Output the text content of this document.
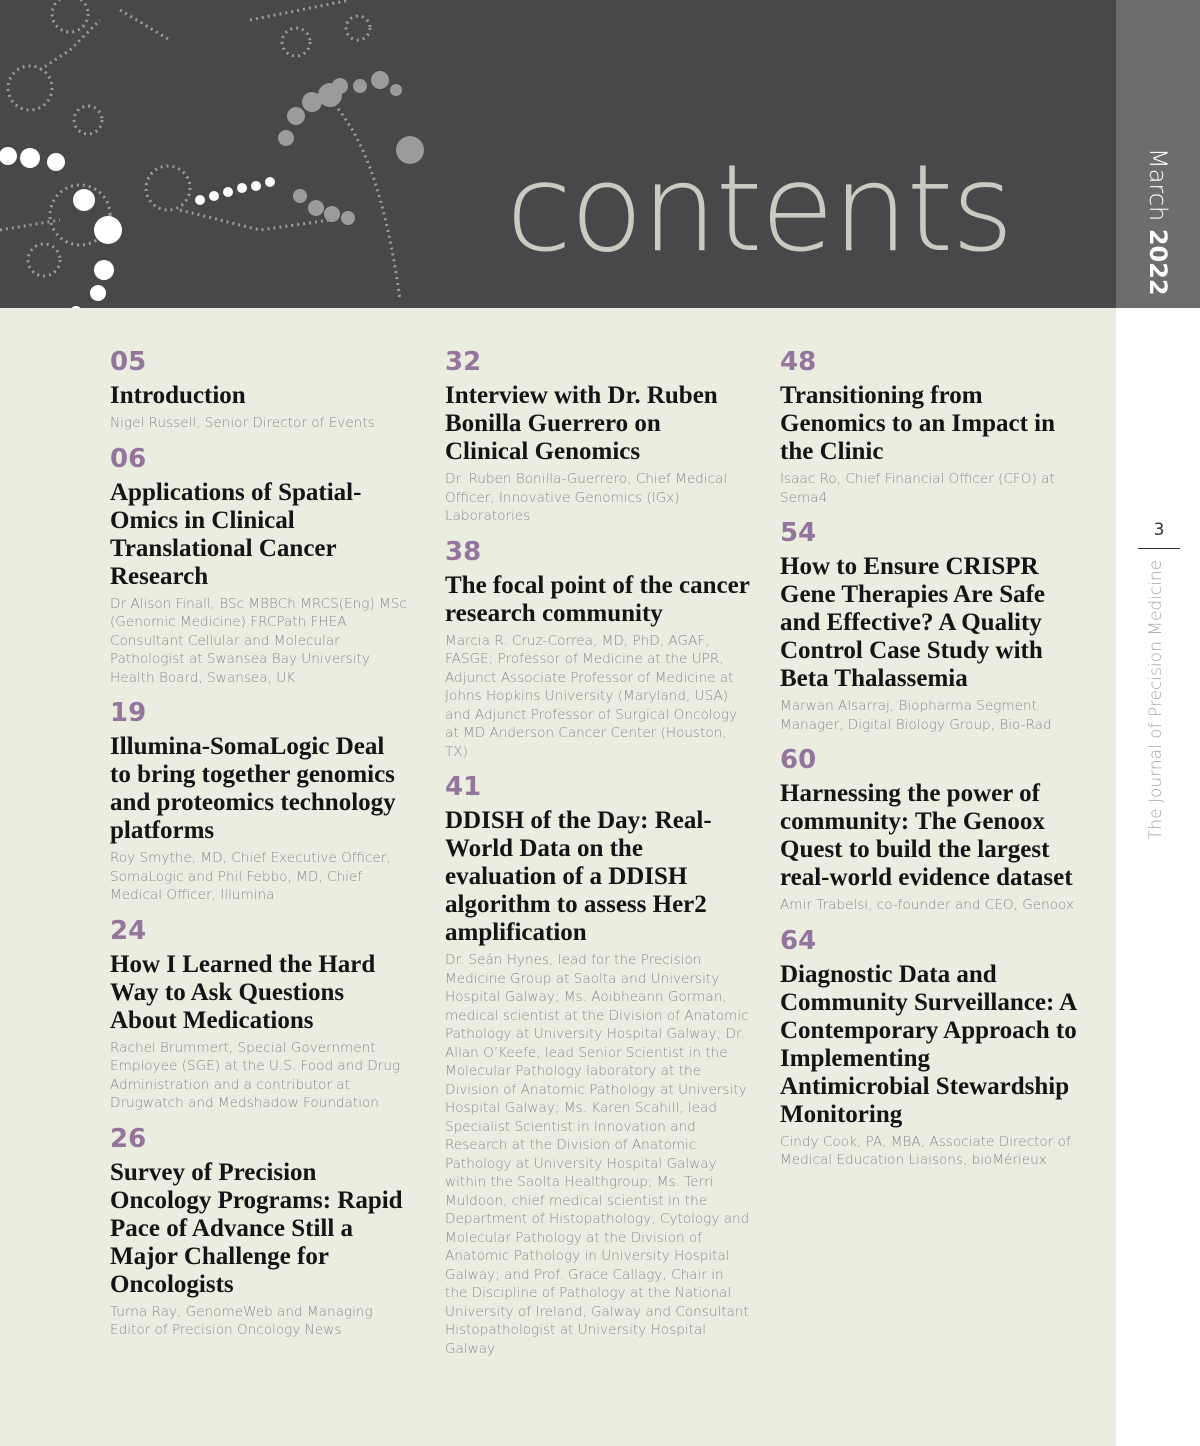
contents	March 2022
3
The Journal of Precision Medicine
05
Introduction
Nigel Russell, Senior Director of Events
06
Applications of Spatial-Omics in Clinical Translational Cancer Research
Dr Alison Finall, BSc MBBCh MRCS(Eng) MSc (Genomic Medicine) FRCPath FHEA Consultant Cellular and Molecular Pathologist at Swansea Bay University Health Board, Swansea, UK
19
Illumina-SomaLogic Deal to bring together genomics and proteomics technology platforms
Roy Smythe, MD, Chief Executive Officer, SomaLogic and Phil Febbo, MD, Chief Medical Officer, Illumina
24
How I Learned the Hard Way to Ask Questions About Medications
Rachel Brummert, Special Government Employee (SGE) at the U.S. Food and Drug Administration and a contributor at Drugwatch and Medshadow Foundation
26
Survey of Precision Oncology Programs: Rapid Pace of Advance Still a Major Challenge for Oncologists
Turna Ray, GenomeWeb and Managing Editor of Precision Oncology News
32
Interview with Dr. Ruben Bonilla Guerrero on Clinical Genomics
Dr. Ruben Bonilla-Guerrero, Chief Medical Officer, Innovative Genomics (IGx) Laboratories
38
The focal point of the cancer research community
Marcia R. Cruz-Correa, MD, PhD, AGAF, FASGE; Professor of Medicine at the UPR, Adjunct Associate Professor of Medicine at Johns Hopkins University (Maryland, USA) and Adjunct Professor of Surgical Oncology at MD Anderson Cancer Center (Houston, TX)
41
DDISH of the Day: Real-World Data on the evaluation of a DDISH algorithm to assess Her2 amplification
Dr. Seán Hynes, lead for the Precision Medicine Group at Saolta and University Hospital Galway; Ms. Aoibheann Gorman, medical scientist at the Division of Anatomic Pathology at University Hospital Galway; Dr. Allan O’Keefe, lead Senior Scientist in the Molecular Pathology laboratory at the Division of Anatomic Pathology at University Hospital Galway; Ms. Karen Scahill, lead Specialist Scientist in Innovation and Research at the Division of Anatomic Pathology at University Hospital Galway within the Saolta Healthgroup; Ms. Terri Muldoon, chief medical scientist in the Department of Histopathology, Cytology and Molecular Pathology at the Division of Anatomic Pathology in University Hospital Galway; and Prof. Grace Callagy, Chair in the Discipline of Pathology at the National University of Ireland, Galway and Consultant Histopathologist at University Hospital Galway
48
Transitioning from Genomics to an Impact in the Clinic
Isaac Ro, Chief Financial Officer (CFO) at Sema4
54
How to Ensure CRISPR Gene Therapies Are Safe and Effective? A Quality Control Case Study with Beta Thalassemia
Marwan Alsarraj, Biopharma Segment Manager, Digital Biology Group, Bio-Rad
60
Harnessing the power of community: The Genoox Quest to build the largest real-world evidence dataset
Amir Trabelsi, co-founder and CEO, Genoox
64
Diagnostic Data and Community Surveillance: A Contemporary Approach to Implementing Antimicrobial Stewardship Monitoring
Cindy Cook, PA, MBA, Associate Director of Medical Education Liaisons, bioMérieux
